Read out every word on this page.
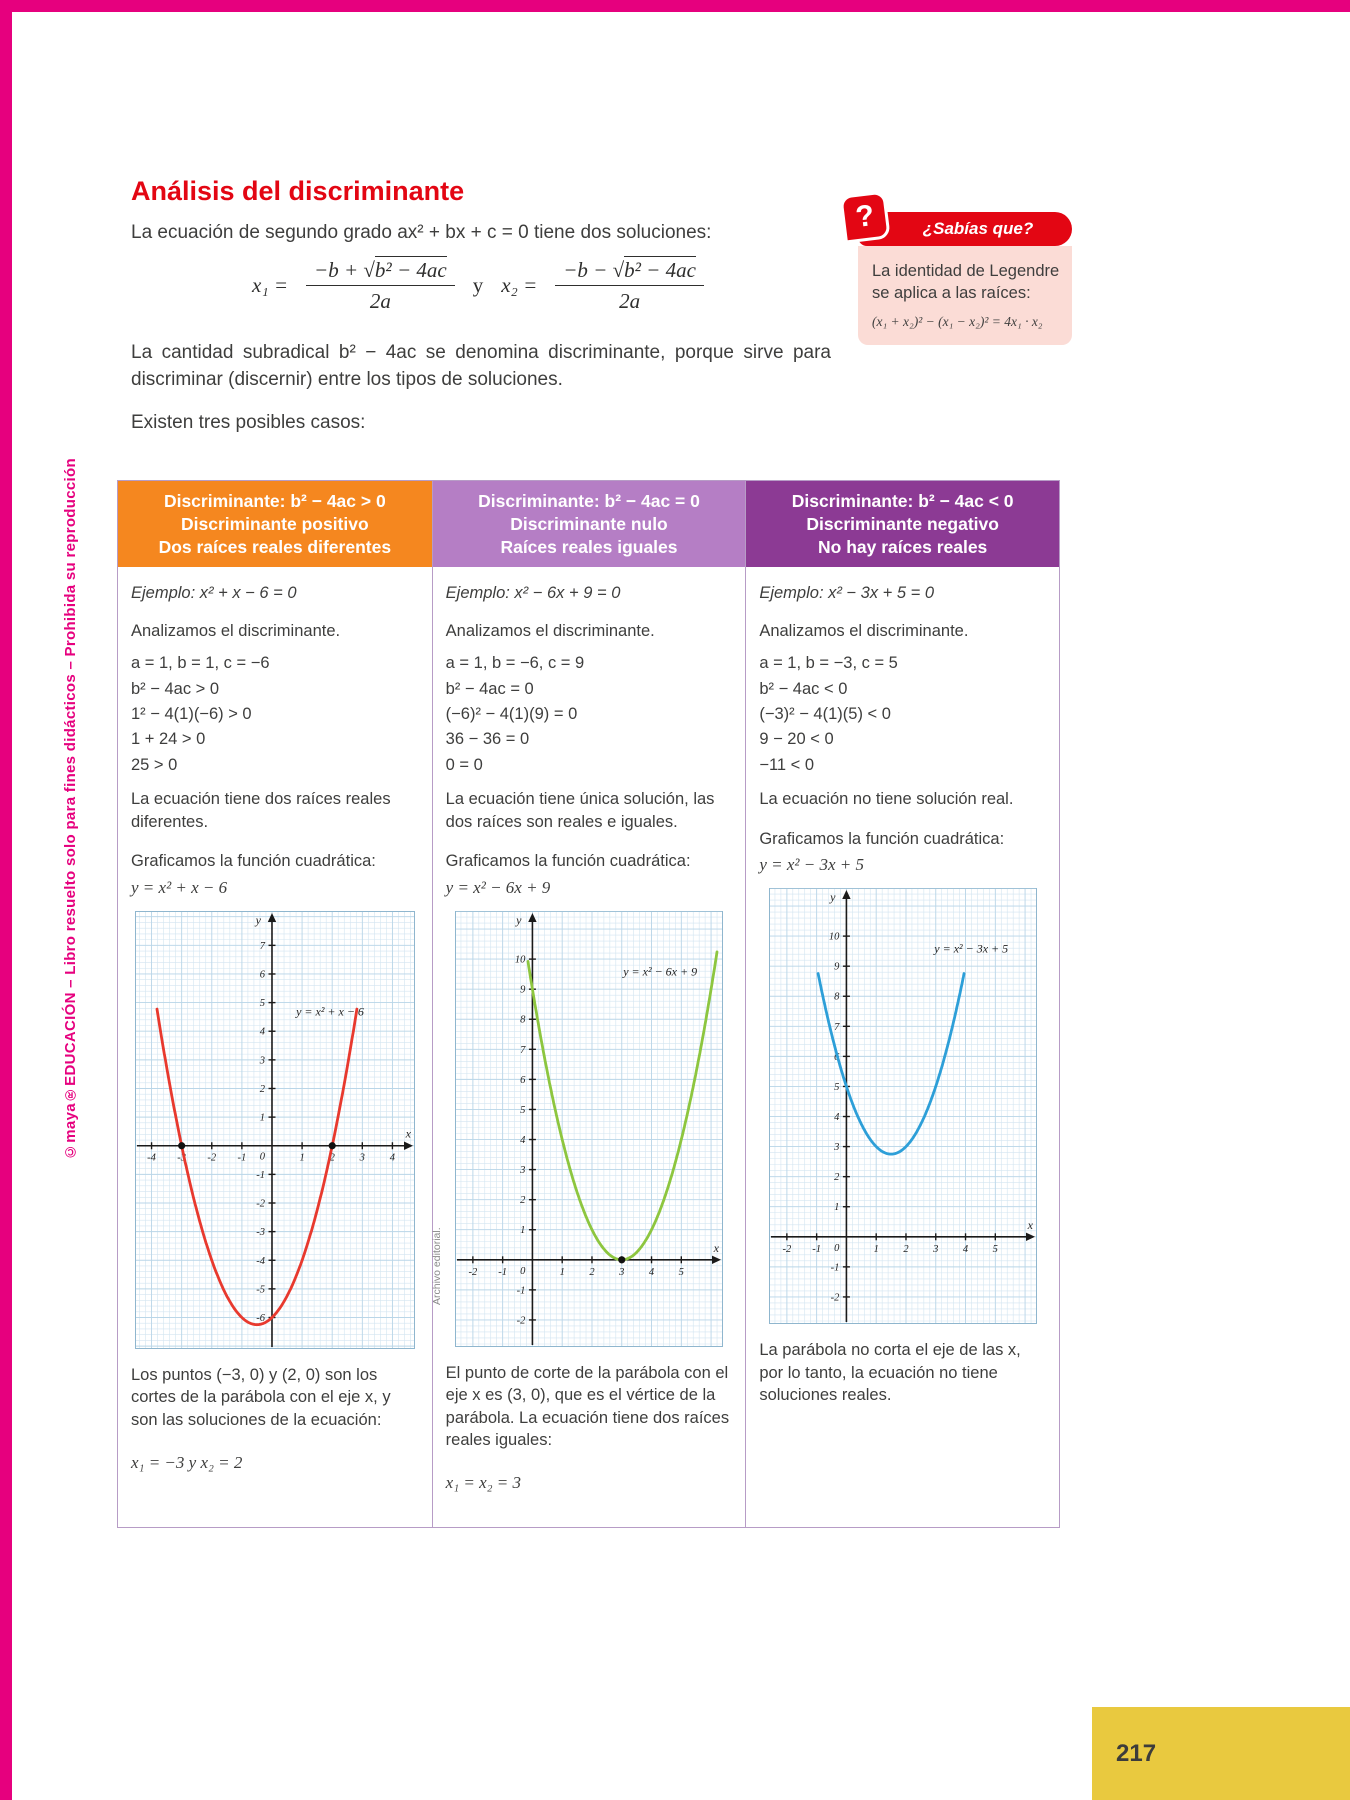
©maya®EDUCACIÓN – Libro resuelto solo para fines didácticos – Prohibida su reproducción
Análisis del discriminante

La ecuación de segundo grado ax² + bx + c = 0 tiene dos soluciones:

$x_1 = \frac{\text{−b + √b² − 4ac}}{2a}$ y $x_2 = \frac{\text{−b − √b² − 4ac}}{2a}$

La cantidad subradical b² − 4ac se denomina discriminante, porque sirve para discriminar (discernir) entre los tipos de soluciones.

Existen tres posibles casos:

?	¿Sabías que?

La identidad de Legendre se aplica a las raíces:

(x₁ + x₂)² − (x₁ − x₂)² = 4x₁ · x₂

Discriminante: b² − 4ac > 0
Discriminante positivo
Dos raíces reales diferentes

Ejemplo: x² + x − 6 = 0

Analizamos el discriminante.

a = 1, b = 1, c = −6
b² − 4ac > 0
1² − 4(1)(−6) > 0
1 + 24 > 0
25 > 0

La ecuación tiene dos raíces reales diferentes.

Graficamos la función cuadrática:

y = x² + x − 6

-4 -3 -2 -1	1 2 3 4
-6
-5
-4
-3
-2
-1
1
2
3
4
5
6
7
0
x
y
y = x² + x − 6

Los puntos (−3, 0) y (2, 0) son los cortes de la parábola con el eje x, y son las soluciones de la ecuación:

x₁ = −3 y x₂ = 2

Discriminante: b² − 4ac = 0
Discriminante nulo
Raíces reales iguales

Ejemplo: x² − 6x + 9 = 0

Analizamos el discriminante.

a = 1, b = −6, c = 9
b² − 4ac = 0
(−6)² − 4(1)(9) = 0
36 − 36 = 0
0 = 0

La ecuación tiene única solución, las dos raíces son reales e iguales.

Graficamos la función cuadrática:

y = x² − 6x + 9

-2 -1	1 2 3 4 5
-2
-1
1
2
3
4
5
6
7
8
9
10
0
x
y
y = x² − 6x + 9

El punto de corte de la parábola con el eje x es (3, 0), que es el vértice de la parábola. La ecuación tiene dos raíces reales iguales:

x₁ = x₂ = 3

Discriminante: b² − 4ac < 0
Discriminante negativo
No hay raíces reales

Ejemplo: x² − 3x + 5 = 0

Analizamos el discriminante.

a = 1, b = −3, c = 5
b² − 4ac < 0
(−3)² − 4(1)(5) < 0
9 − 20 < 0
−11 < 0

La ecuación no tiene solución real.

Graficamos la función cuadrática:

y = x² − 3x + 5

-2 -1	1 2 3 4 5
-2
-1
1
2
3
4
5
6
7
8
9
10
0
x
y
y = x² − 3x + 5

La parábola no corta el eje de las x, por lo tanto, la ecuación no tiene soluciones reales.

Archivo editorial.
217
